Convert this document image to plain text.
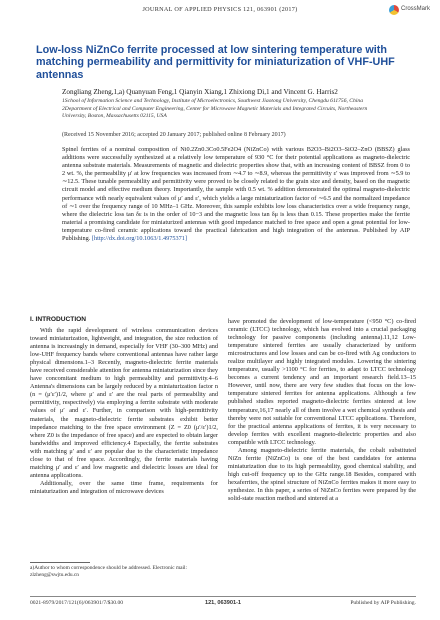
JOURNAL OF APPLIED PHYSICS 121, 063901 (2017)	CrossMark
Low-loss NiZnCo ferrite processed at low sintering temperature with matching permeability and permittivity for miniaturization of VHF-UHF antennas
Zongliang Zheng,1,a) Quanyuan Feng,1 Qianyin Xiang,1 Zhixiong Di,1 and Vincent G. Harris2
1School of Information Science and Technology, Institute of Microelectronics, Southwest Jiaotong University, Chengdu 611756, China
2Department of Electrical and Computer Engineering, Center for Microwave Magnetic Materials and Integrated Circuits, Northeastern University, Boston, Massachusetts 02115, USA
(Received 15 November 2016; accepted 20 January 2017; published online 8 February 2017)
Spinel ferrites of a nominal composition of Ni0.2Zn0.3Co0.5Fe2O4 (NiZnCo) with various B2O3–Bi2O3–SiO2–ZnO (BBSZ) glass additions were successfully synthesized at a relatively low temperature of 930 °C for their potential applications as magneto-dielectric antenna substrate materials. Measurements of magnetic and dielectric properties show that, with an increasing content of BBSZ from 0 to 2 wt. %, the permeability μ′ at low frequencies was increased from ∼4.7 to ∼8.9, whereas the permittivity ε′ was improved from ∼5.9 to ∼12.5. These tunable permeability and permittivity were proved to be closely related to the grain size and density, based on the magnetic circuit model and effective medium theory. Importantly, the sample with 0.5 wt. % addition demonstrated the optimal magneto-dielectric performance with nearly equivalent values of μ′ and ε′, which yields a large miniaturization factor of ∼6.5 and the normalized impedance of ∼1 over the frequency range of 10 MHz–1 GHz. Moreover, this sample exhibits low loss characteristics over a wide frequency range, where the dielectric loss tan δε is in the order of 10−3 and the magnetic loss tan δμ is less than 0.15. These properties make the ferrite material a promising candidate for miniaturized antennas with good impedance matched to free space and open a great potential for low-temperature co-fired ceramic applications toward the practical fabrication and high integration of the antennas. Published by AIP Publishing. [http://dx.doi.org/10.1063/1.4975371]
I. INTRODUCTION

With the rapid development of wireless communication devices toward miniaturization, lightweight, and integration, the size reduction of antenna is increasingly in demand, especially for VHF (30–300 MHz) and low-UHF frequency bands where conventional antennas have rather large physical dimensions.1–3 Recently, magneto-dielectric ferrite materials have received considerable attention for antenna miniaturization since they have concomitant medium to high permeability and permittivity.4–6 Antenna's dimensions can be largely reduced by a miniaturization factor n (n = (μ′ε′)1/2, where μ′ and ε′ are the real parts of permeability and permittivity, respectively) via employing a ferrite substrate with moderate values of μ′ and ε′. Further, in comparison with high-permittivity materials, the magneto-dielectric ferrite substrates exhibit better impedance matching to the free space environment (Z = Z0 (μ′/ε′)1/2, where Z0 is the impedance of free space) and are expected to obtain larger bandwidths and improved efficiency.4 Especially, the ferrite substrates with matching μ′ and ε′ are popular due to the characteristic impedance close to that of free space. Accordingly, the ferrite materials having matching μ′ and ε′ and low magnetic and dielectric losses are ideal for antenna applications.

Additionally, over the same time frame, requirements for miniaturization and integration of microwave devices

have promoted the development of low-temperature (<950 °C) co-fired ceramic (LTCC) technology, which has evolved into a crucial packaging technology for passive components (including antenna).11,12 Low-temperature sintered ferrites are usually characterized by uniform microstructures and low losses and can be co-fired with Ag conductors to realize multilayer and highly integrated modules. Lowering the sintering temperature, usually >1100 °C for ferrites, to adapt to LTCC technology becomes a current tendency and an important research field.13–15 However, until now, there are very few studies that focus on the low-temperature sintered ferrites for antenna applications. Although a few published studies reported magneto-dielectric ferrites sintered at low temperature,16,17 nearly all of them involve a wet chemical synthesis and thereby were not suitable for conventional LTCC applications. Therefore, for the practical antenna applications of ferrites, it is very necessary to develop ferrites with excellent magneto-dielectric properties and also compatible with LTCC technology.

Among magneto-dielectric ferrite materials, the cobalt substituted NiZn ferrite (NiZnCo) is one of the best candidates for antenna miniaturization due to its high permeability, good chemical stability, and high cut-off frequency up to the GHz range.18 Besides, compared with hexaferrites, the spinel structure of NiZnCo ferrites makes it more easy to synthesize. In this paper, a series of NiZnCo ferrites were prepared by the solid-state reaction method and sintered at a

a)Author to whom correspondence should be addressed. Electronic mail: zlzheng@swjtu.edu.cn
0021-8979/2017/121(6)/063901/7/$30.00	121, 063901-1	Published by AIP Publishing.
